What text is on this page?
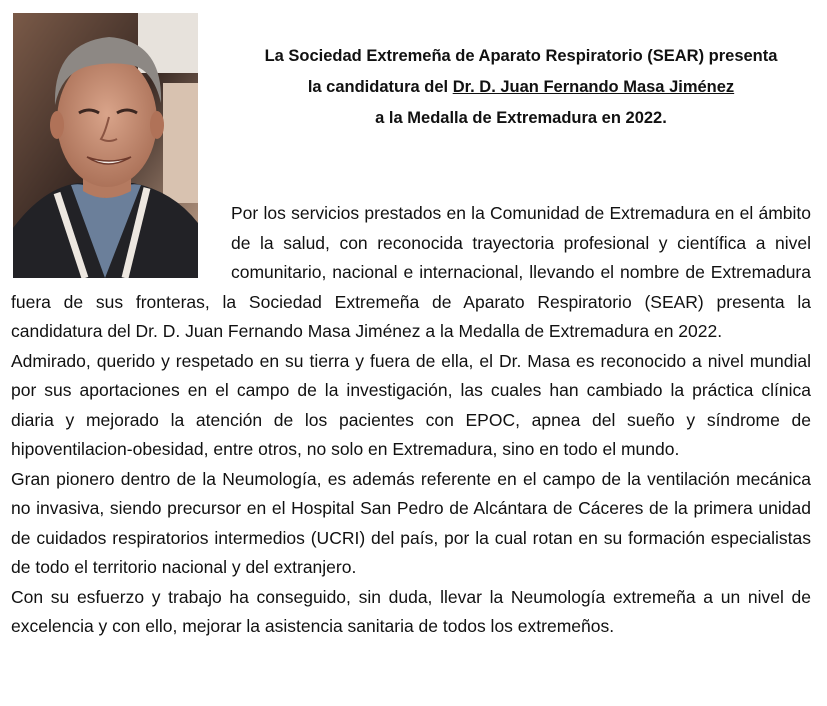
La Sociedad Extremeña de Aparato Respiratorio (SEAR) presenta
la candidatura del Dr. D. Juan Fernando Masa Jiménez
a la Medalla de Extremadura en 2022.

Por los servicios prestados en la Comunidad de Extremadura en el ámbito de la salud, con reconocida trayectoria profesional y científica a nivel comunitario, nacional e internacional, llevando el nombre de Extremadura fuera de sus fronteras, la Sociedad Extremeña de Aparato Respiratorio (SEAR) presenta la candidatura del Dr. D. Juan Fernando Masa Jiménez a la Medalla de Extremadura en 2022.

Admirado, querido y respetado en su tierra y fuera de ella, el Dr. Masa es reconocido a nivel mundial por sus aportaciones en el campo de la investigación, las cuales han cambiado la práctica clínica diaria y mejorado la atención de los pacientes con EPOC, apnea del sueño y síndrome de hipoventilacion-obesidad, entre otros, no solo en Extremadura, sino en todo el mundo.

Gran pionero dentro de la Neumología, es además referente en el campo de la ventilación mecánica no invasiva, siendo precursor en el Hospital San Pedro de Alcántara de Cáceres de la primera unidad de cuidados respiratorios intermedios (UCRI) del país, por la cual rotan en su formación especialistas de todo el territorio nacional y del extranjero.

Con su esfuerzo y trabajo ha conseguido, sin duda, llevar la Neumología extremeña a un nivel de excelencia y con ello, mejorar la asistencia sanitaria de todos los extremeños.
